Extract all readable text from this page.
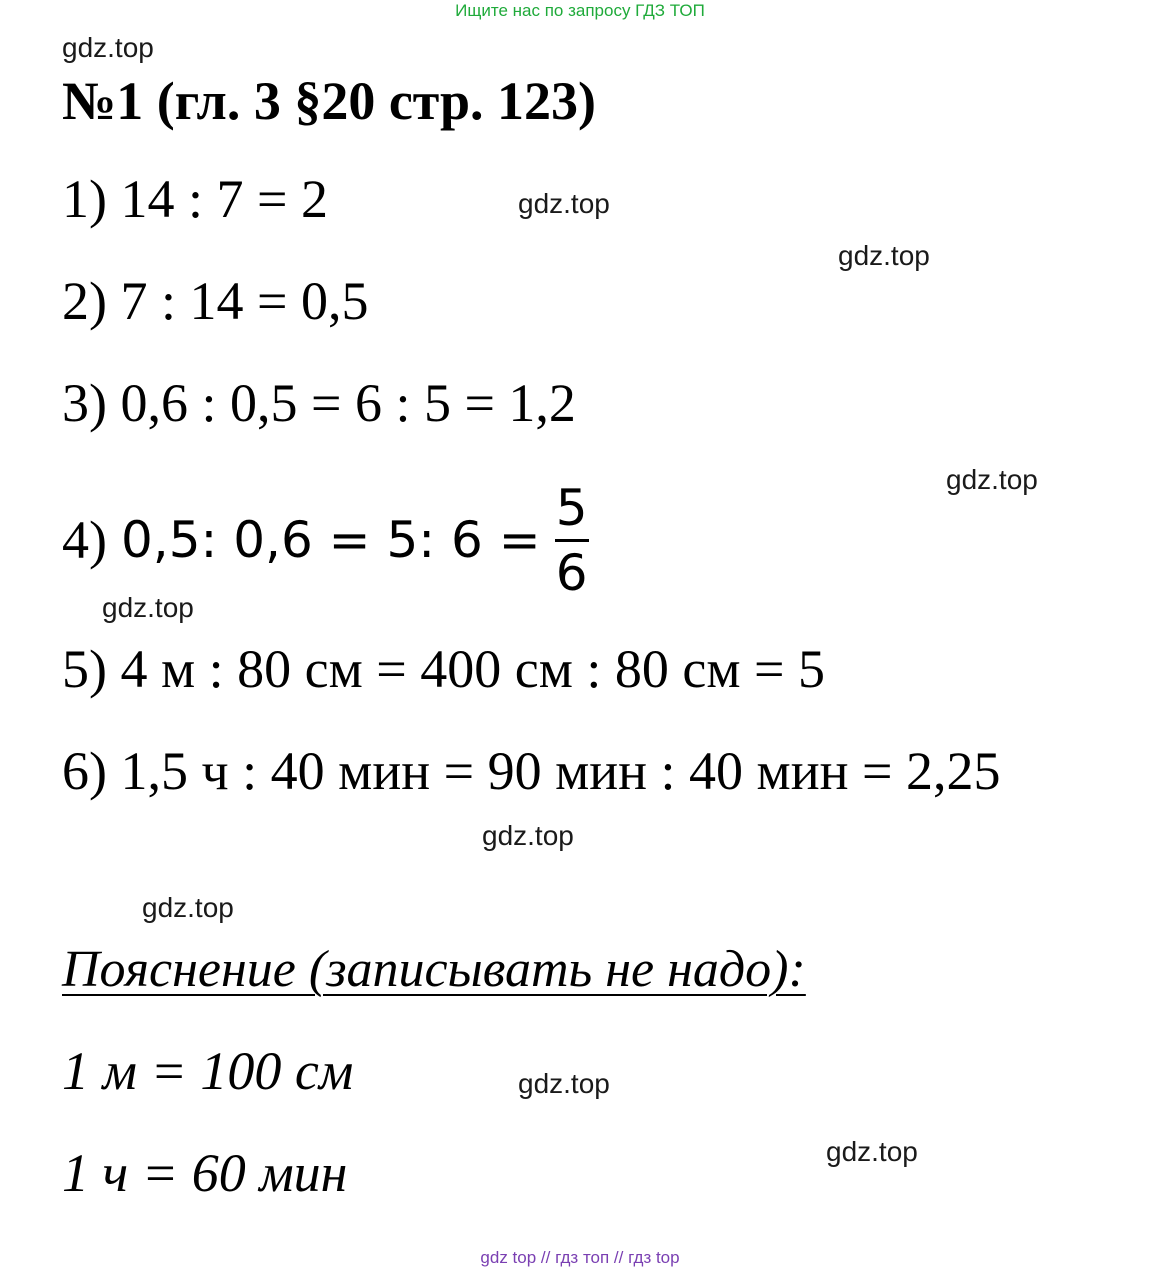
Ищите нас по запросу ГДЗ ТОП
gdz.top
gdz.top
gdz.top
gdz.top
gdz.top
gdz.top
gdz.top
gdz.top
gdz.top
№1 (гл. 3 §20 стр. 123)
1) 14 : 7 = 2
2) 7 : 14 = 0,5
3) 0,6 : 0,5 = 6 : 5 = 1,2
4) 0,5: 0,6 = 5: $6 = \frac{5}{6}$
5) 4 м : 80 см = 400 см : 80 см = 5
6) 1,5 ч : 40 мин = 90 мин : 40 мин = 2,25
Пояснение (записывать не надо):
1 м = 100 см
1 ч = 60 мин
gdz top // гдз топ // гдз top
